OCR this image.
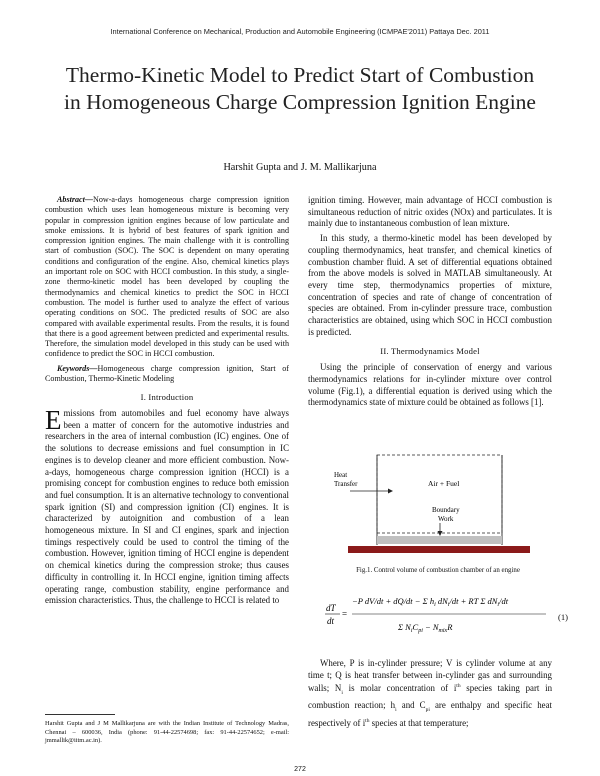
International Conference on Mechanical, Production and Automobile Engineering (ICMPAE'2011) Pattaya Dec. 2011
Thermo-Kinetic Model to Predict Start of Combustion in Homogeneous Charge Compression Ignition Engine
Harshit Gupta and J. M. Mallikarjuna

Abstract—Now-a-days homogeneous charge compression ignition combustion which uses lean homogeneous mixture is becoming very popular in compression ignition engines because of low particulate and smoke emissions. It is hybrid of best features of spark ignition and compression ignition engines. The main challenge with it is controlling start of combustion (SOC). The SOC is dependent on many operating conditions and configuration of the engine. Also, chemical kinetics plays an important role on SOC with HCCI combustion. In this study, a single-zone thermo-kinetic model has been developed by coupling the thermodynamics and chemical kinetics to predict the SOC in HCCI combustion. The model is further used to analyze the effect of various operating conditions on SOC. The predicted results of SOC are also compared with available experimental results. From the results, it is found that there is a good agreement between predicted and experimental results. Therefore, the simulation model developed in this study can be used with confidence to predict the SOC in HCCI combustion.

Keywords—Homogeneous charge compression ignition, Start of Combustion, Thermo-Kinetic Modeling

I. Introduction

Emissions from automobiles and fuel economy have always been a matter of concern for the automotive industries and researchers in the area of internal combustion (IC) engines. One of the solutions to decrease emissions and fuel consumption in IC engines is to develop cleaner and more efficient combustion. Now-a-days, homogeneous charge compression ignition (HCCI) is a promising concept for combustion engines to reduce both emission and fuel consumption. It is an alternative technology to conventional spark ignition (SI) and compression ignition (CI) engines. It is characterized by autoignition and combustion of a lean homogeneous mixture. In SI and CI engines, spark and injection timings respectively could be used to control the timing of the combustion. However, ignition timing of HCCI engine is dependent on chemical kinetics during the compression stroke; thus causes difficulty in controlling it. In HCCI engine, ignition timing affects operating range, combustion stability, engine performance and emission characteristics. Thus, the challenge to HCCI is related to

ignition timing. However, main advantage of HCCI combustion is simultaneous reduction of nitric oxides (NOx) and particulates. It is mainly due to instantaneous combustion of lean mixture.

In this study, a thermo-kinetic model has been developed by coupling thermodynamics, heat transfer, and chemical kinetics of combustion chamber fluid. A set of differential equations obtained from the above models is solved in MATLAB simultaneously. At every time step, thermodynamics properties of mixture, concentration of species and rate of change of concentration of species are obtained. From in-cylinder pressure trace, combustion characteristics are obtained, using which SOC in HCCI combustion is predicted.

II. Thermodynamics Model

Using the principle of conservation of energy and various thermodynamics relations for in-cylinder mixture over control volume (Fig.1), a differential equation is derived using which the thermodynamics state of mixture could be obtained as follows [1].

Heat
Transfer	Air + Fuel
Boundary
Work
Fig.1. Control volume of combustion chamber of an engine
dT
dt
=
−P dV/dt + dQ/dt − Σ $h_i$ $dN_i/dt$ + RT Σ $dN_i/dt$
Σ $N_iC_{pi} - N_{mix}R$
(1)

Where, P is in-cylinder pressure; V is cylinder volume at any time t; Q is heat transfer between in-cylinder gas and surrounding walls; $N_i$ is molar concentration of $i^{th}$ species taking part in combustion reaction; $h_i$ and $C_{pi}$ are enthalpy and specific heat respectively of $i^{th}$ species at that temperature;

Harshit Gupta and J M Mallikarjuna are with the Indian Institute of Technology Madras, Chennai – 600036, India (phone: 91-44-22574698; fax: 91-44-22574652; e-mail: jmmallik@iitm.ac.in).
272
